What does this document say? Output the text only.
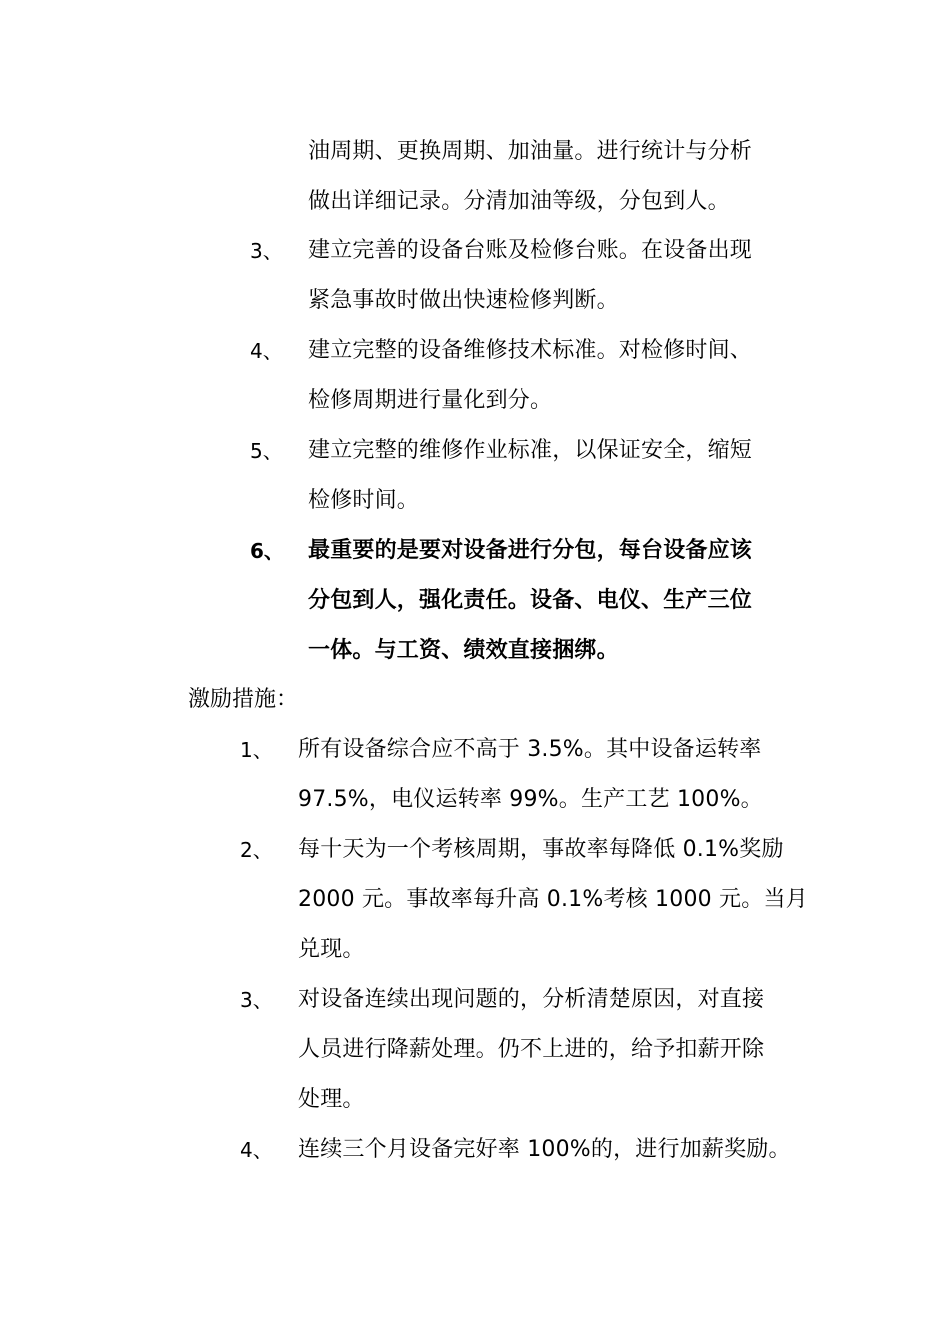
油周期、更换周期、加油量。进行统计与分析
做出详细记录。分清加油等级，分包到人。
3、 建立完善的设备台账及检修台账。在设备出现
紧急事故时做出快速检修判断。
4、 建立完整的设备维修技术标准。对检修时间、
检修周期进行量化到分。
5、 建立完整的维修作业标准，以保证安全，缩短
检修时间。
6、 最重要的是要对设备进行分包，每台设备应该
分包到人，强化责任。设备、电仪、生产三位
一体。与工资、绩效直接捆绑。
激励措施：
1、 所有设备综合应不高于 3.5%。其中设备运转率
97.5%，电仪运转率 99%。生产工艺 100%。
2、 每十天为一个考核周期，事故率每降低 0.1%奖励
2000 元。事故率每升高 0.1%考核 1000 元。当月
兑现。
3、 对设备连续出现问题的，分析清楚原因，对直接
人员进行降薪处理。仍不上进的，给予扣薪开除
处理。
4、 连续三个月设备完好率 100%的，进行加薪奖励。
